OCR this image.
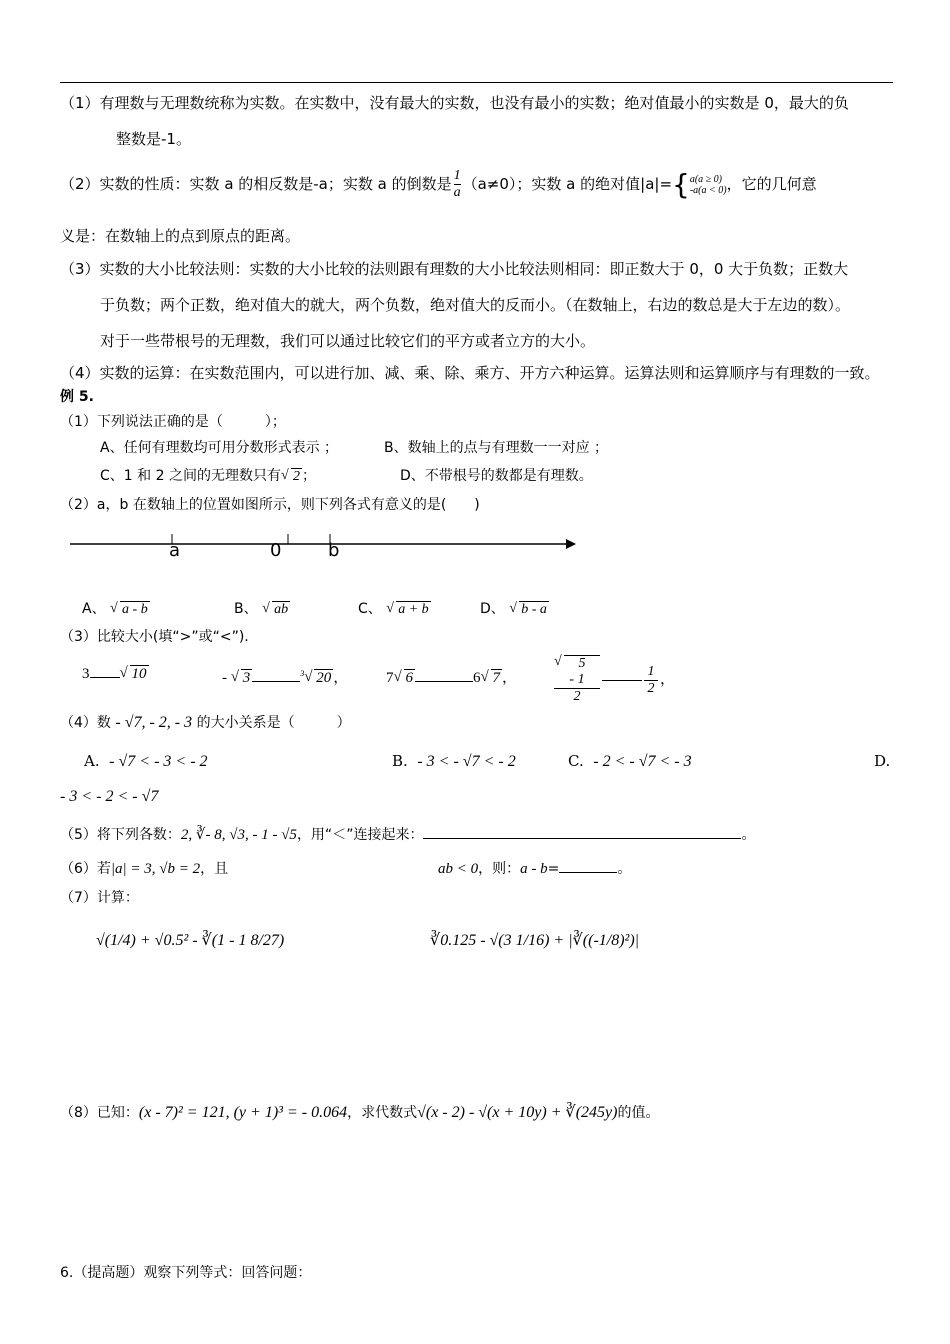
（1）有理数与无理数统称为实数。在实数中，没有最大的实数，也没有最小的实数；绝对值最小的实数是 0，最大的负
整数是-1。
（2）实数的性质：实数 a 的相反数是-a；实数 a 的倒数是 $\frac{1}{a} (a\ne 0)$；实数 a 的绝对值|a|={ a(a ≥ 0)
-a(a < 0) ，它的几何意
义是：在数轴上的点到原点的距离。
（3）实数的大小比较法则：实数的大小比较的法则跟有理数的大小比较法则相同：即正数大于 0，0 大于负数；正数大
于负数；两个正数，绝对值大的就大，两个负数，绝对值大的反而小。（在数轴上，右边的数总是大于左边的数）。
对于一些带根号的无理数，我们可以通过比较它们的平方或者立方的大小。
（4）实数的运算：在实数范围内，可以进行加、减、乘、除、乘方、开方六种运算。运算法则和运算顺序与有理数的一致。
例 5.
（1）下列说法正确的是（　　　）；
A、任何有理数均可用分数形式表示 ；	B、数轴上的点与有理数一一对应 ；
C、1 和 2 之间的无理数只有 √ 2 ；	D、不带根号的数都是有理数。
（2）a，b 在数轴上的位置如图所示，则下列各式有意义的是(　　)
a	0	b
A、 √ a - b	B、 √ ab	C、 √ a + b	D、 √ b - a
（3）比较大小(填“>”或“<”).
3	√ 10	- √ 3	$^3$ √ 20 ，	7 √ 6	6 √ 7 ，	√ 5
- 1
2	$\frac{1}{2}$ ，
（4）数 - √7, - 2, - 3 的大小关系是（　　　）
A. - √7 < - 3 < - 2	B. - 3 < - √7 < - 2	C. - 2 < - √7 < - 3	D.
- 3 < - 2 < - √7
（5）将下列各数：2, ∛- 8, √3, - 1 - √5，用“＜”连接起来：	。
（6）若|a| = 3, √b = 2，且	ab < 0，则：a - b=	。
（7）计算：
√(1/4) + √0.5² - ∛(1 - 1 8/27)	∛0.125 - √(3 1/16) + |∛((-1/8)²)|
（8）已知：(x - 7)² = 121, (y + 1)³ = - 0.064，求代数式√(x - 2) - √(x + 10y) + ∛(245y)的值。
6.（提高题）观察下列等式：回答问题：
